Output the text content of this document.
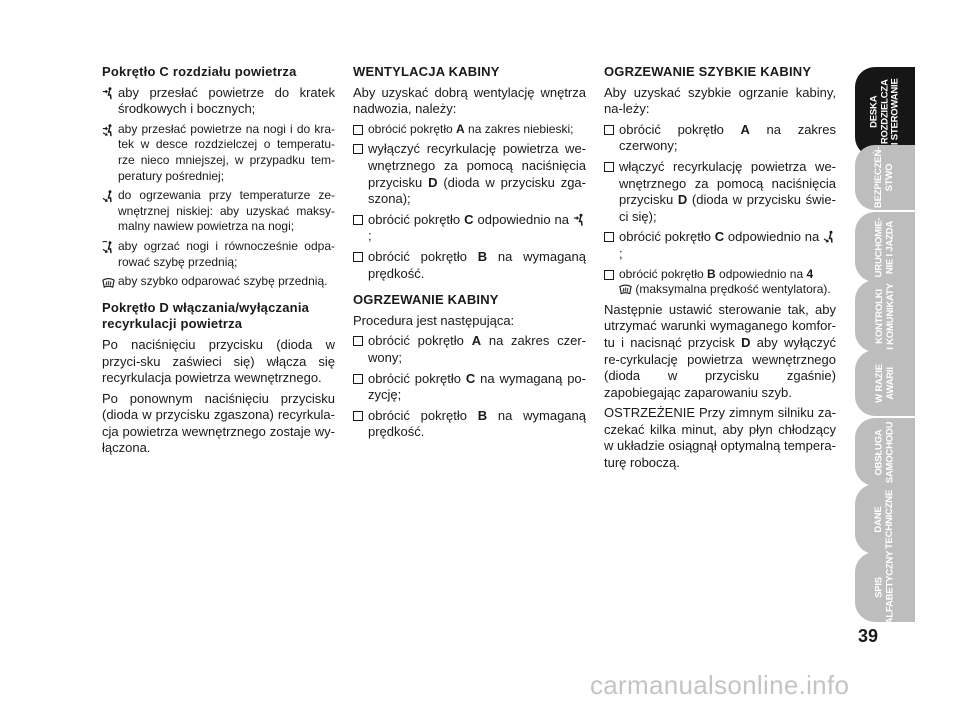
Pokrętło C rozdziału powietrza

aby przesłać powietrze do kratek środkowych i bocznych;
aby przesłać powietrze na nogi i do kra-tek w desce rozdzielczej o temperatu-rze nieco mniejszej, w przypadku tem-peratury pośredniej;
do ogrzewania przy temperaturze ze-wnętrznej niskiej: aby uzyskać maksy-malny nawiew powietrza na nogi;
aby ogrzać nogi i równocześnie odpa-rować szybę przednią;
aby szybko odparować szybę przednią.

Pokrętło D włączania/wyłączania
recyrkulacji powietrza

Po naciśnięciu przycisku (dioda w przyci-sku zaświeci się) włącza się recyrkulacja powietrza wewnętrznego.

Po ponownym naciśnięciu przycisku (dioda w przycisku zgaszona) recyrkula-cja powietrza wewnętrznego zostaje wy-łączona.

WENTYLACJA KABINY

Aby uzyskać dobrą wentylację wnętrza nadwozia, należy:

obrócić pokrętło A na zakres niebieski;
wyłączyć recyrkulację powietrza we-wnętrznego za pomocą naciśnięcia przycisku D (dioda w przycisku zga-szona);
obrócić pokrętło C odpowiednio na ;
obrócić pokrętło B na wymaganą prędkość.

OGRZEWANIE KABINY

Procedura jest następująca:

obrócić pokrętło A na zakres czer-wony;
obrócić pokrętło C na wymaganą po-zycję;
obrócić pokrętło B na wymaganą prędkość.

OGRZEWANIE SZYBKIE KABINY

Aby uzyskać szybkie ogrzanie kabiny, na-leży:

obrócić pokrętło A na zakres czerwony;
włączyć recyrkulację powietrza we-wnętrznego za pomocą naciśnięcia przycisku D (dioda w przycisku świe-ci się);
obrócić pokrętło C odpowiednio na ;
obrócić pokrętło B odpowiednio na 4
(maksymalna prędkość wentylatora).

Następnie ustawić sterowanie tak, aby utrzymać warunki wymaganego komfor-tu i nacisnąć przycisk D aby wyłączyć re-cyrkulację powietrza wewnętrznego (dioda w przycisku zgaśnie) zapobiegając zaparowaniu szyb.

OSTRZEŻENIE Przy zimnym silniku za-czekać kilka minut, aby płyn chłodzący w układzie osiągnął optymalną tempera-turę roboczą.

DESKA
ROZDZIELCZA
STEROWANIE
BEZPIECZEŃ-
STWO
URUCHOMIE-
NIE I JAZDA
KONTROLKI
I KOMUNIKATY
W RAZIE
AWARII
OBSŁUGA
SAMOCHODU
DANE
TECHNICZNE
SPIS
ALFABETYCZNY
39
carmanualsonline.info
